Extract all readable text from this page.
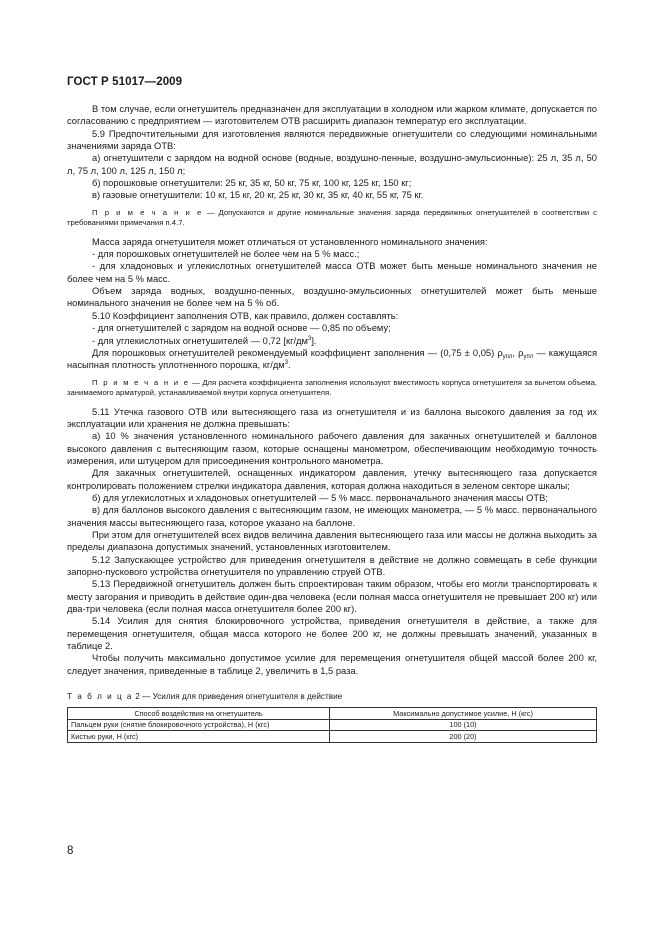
ГОСТ Р 51017—2009

В том случае, если огнетушитель предназначен для эксплуатации в холодном или жарком климате, допускается по согласованию с предприятием — изготовителем ОТВ расширить диапазон температур его эксплуатации.

5.9 Предпочтительными для изготовления являются передвижные огнетушители со следующими номинальными значениями заряда ОТВ:

а) огнетушители с зарядом на водной основе (водные, воздушно-пенные, воздушно-эмульсионные): 25 л, 35 л, 50 л, 75 л, 100 л, 125 л, 150 л;

б) порошковые огнетушители: 25 кг, 35 кг, 50 кг, 75 кг, 100 кг, 125 кг, 150 кг;

в) газовые огнетушители: 10 кг, 15 кг, 20 кг, 25 кг, 30 кг, 35 кг, 40 кг, 55 кг, 75 кг.

П р и м е ч а н и е — Допускаются и другие номинальные значения заряда передвижных огнетушителей в соответствии с требованиями примечания п.4.7.

Масса заряда огнетушителя может отличаться от установленного номинального значения:

- для порошковых огнетушителей не более чем на 5 % масс.;

- для хладоновых и углекислотных огнетушителей масса ОТВ может быть меньше номинального значения не более чем на 5 % масс.

Объем заряда водных, воздушно-пенных, воздушно-эмульсионных огнетушителей может быть меньше номинального значения не более чем на 5 % об.

5.10 Коэффициент заполнения ОТВ, как правило, должен составлять:

- для огнетушителей с зарядом на водной основе — 0,85 по объему;

- для углекислотных огнетушителей — 0,72 $[кг/дм^3]$.

Для порошковых огнетушителей рекомендуемый коэффициент заполнения — (0,75 ± 0,05) $\rho_{упл}$, $\rho_{упл}$ — кажущаяся насыпная плотность уплотненного порошка, $кг/дм^3$.

П р и м е ч а н и е — Для расчета коэффициента заполнения используют вместимость корпуса огнетушителя за вычетом объема, занимаемого арматурой, устанавливаемой внутри корпуса огнетушителя.

5.11 Утечка газового ОТВ или вытесняющего газа из огнетушителя и из баллона высокого давления за год их эксплуатации или хранения не должна превышать:

а) 10 % значения установленного номинального рабочего давления для закачных огнетушителей и баллонов высокого давления с вытесняющим газом, которые оснащены манометром, обеспечивающим необходимую точность измерения, или штуцером для присоединения контрольного манометра.

Для закачных огнетушителей, оснащенных индикатором давления, утечку вытесняющего газа допускается контролировать положением стрелки индикатора давления, которая должна находиться в зеленом секторе шкалы;

б) для углекислотных и хладоновых огнетушителей — 5 % масс. первоначального значения массы ОТВ;

в) для баллонов высокого давления с вытесняющим газом, не имеющих манометра, — 5 % масс. первоначального значения массы вытесняющего газа, которое указано на баллоне.

При этом для огнетушителей всех видов величина давления вытесняющего газа или массы не должна выходить за пределы диапазона допустимых значений, установленных изготовителем.

5.12 Запускающее устройство для приведения огнетушителя в действие не должно совмещать в себе функции запорно-пускового устройства огнетушителя по управлению струей ОТВ.

5.13 Передвижной огнетушитель должен быть спроектирован таким образом, чтобы его могли транспортировать к месту загорания и приводить в действие один-два человека (если полная масса огнетушителя не превышает 200 кг) или два-три человека (если полная масса огнетушителя более 200 кг).

5.14 Усилия для снятия блокировочного устройства, приведения огнетушителя в действие, а также для перемещения огнетушителя, общая масса которого не более 200 кг, не должны превышать значений, указанных в таблице 2.

Чтобы получить максимально допустимое усилие для перемещения огнетушителя общей массой более 200 кг, следует значения, приведенные в таблице 2, увеличить в 1,5 раза.

Т а б л и ц а 2 — Усилия для приведения огнетушителя в действие

Способ воздействия на огнетушитель	Максимально допустимое усилие, Н (кгс)
Пальцем руки (снятие блокировочного устройства), Н (кгс)	100 (10)
Кистью руки, Н (кгс)	200 (20)
8
